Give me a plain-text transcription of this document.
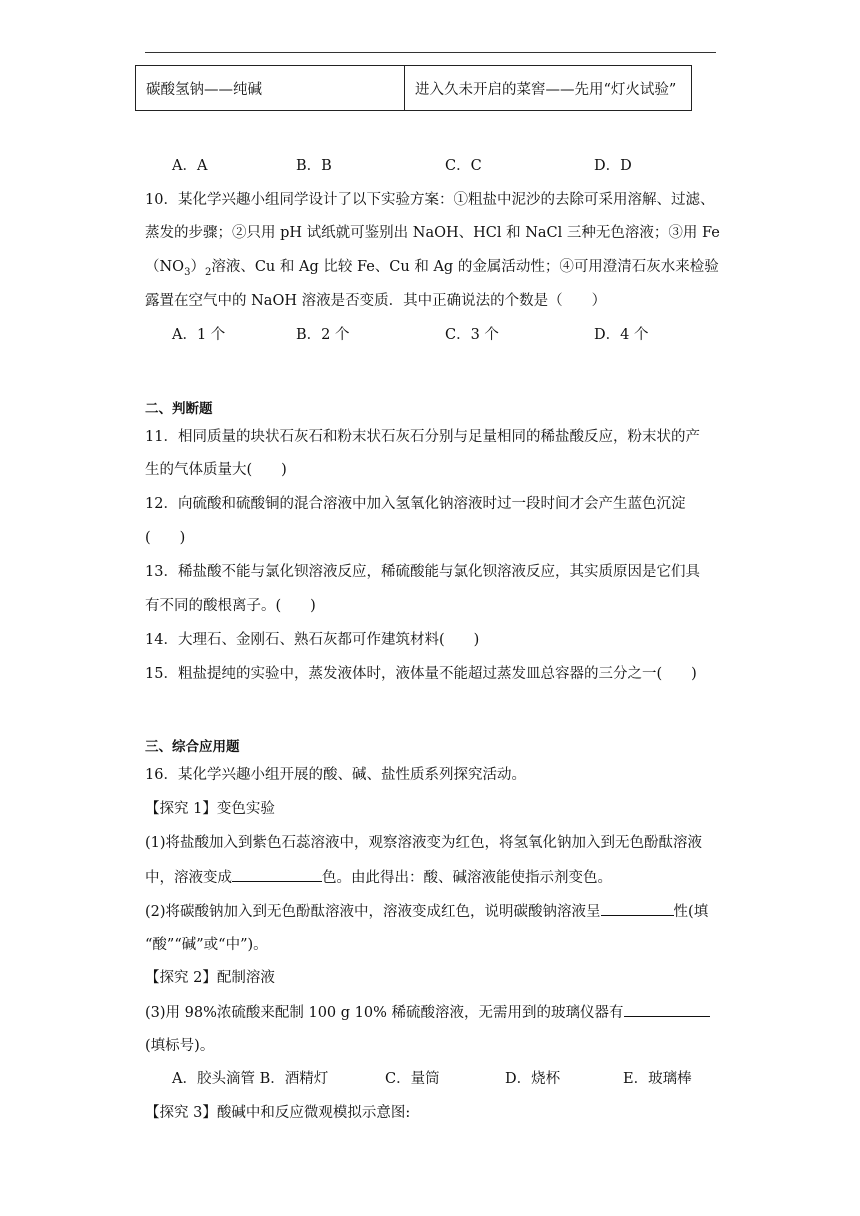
碳酸氢钠——纯碱	进入久未开启的菜窖——先用“灯火试验”
A．A	B．B	C．C	D．D
10．某化学兴趣小组同学设计了以下实验方案：①粗盐中泥沙的去除可采用溶解、过滤、
蒸发的步骤；②只用 pH 试纸就可鉴别出 NaOH、HCl 和 NaCl 三种无色溶液；③用 Fe
$(NO_3)_2$溶液、Cu 和 Ag 比较 Fe、Cu 和 Ag 的金属活动性；④可用澄清石灰水来检验
露置在空气中的 NaOH 溶液是否变质．其中正确说法的个数是（　　）
A．1 个	B．2 个	C．3 个	D．4 个
二、判断题
11．相同质量的块状石灰石和粉末状石灰石分别与足量相同的稀盐酸反应，粉末状的产
生的气体质量大(　　)
12．向硫酸和硫酸铜的混合溶液中加入氢氧化钠溶液时过一段时间才会产生蓝色沉淀
(　　)
13．稀盐酸不能与氯化钡溶液反应，稀硫酸能与氯化钡溶液反应，其实质原因是它们具
有不同的酸根离子。(　　)
14．大理石、金刚石、熟石灰都可作建筑材料(　　)
15．粗盐提纯的实验中，蒸发液体时，液体量不能超过蒸发皿总容器的三分之一(　　)
三、综合应用题
16．某化学兴趣小组开展的酸、碱、盐性质系列探究活动。
【探究 1】变色实验
(1)将盐酸加入到紫色石蕊溶液中，观察溶液变为红色，将氢氧化钠加入到无色酚酞溶液
中，溶液变成	色。由此得出：酸、碱溶液能使指示剂变色。
(2)将碳酸钠加入到无色酚酞溶液中，溶液变成红色，说明碳酸钠溶液呈	性(填
“酸”“碱”或“中”)。
【探究 2】配制溶液
(3)用 98%浓硫酸来配制 100 g 10% 稀硫酸溶液，无需用到的玻璃仪器有
(填标号)。
A．胶头滴管 B．酒精灯	C．量筒	D．烧杯	E．玻璃棒
【探究 3】酸碱中和反应微观模拟示意图:
